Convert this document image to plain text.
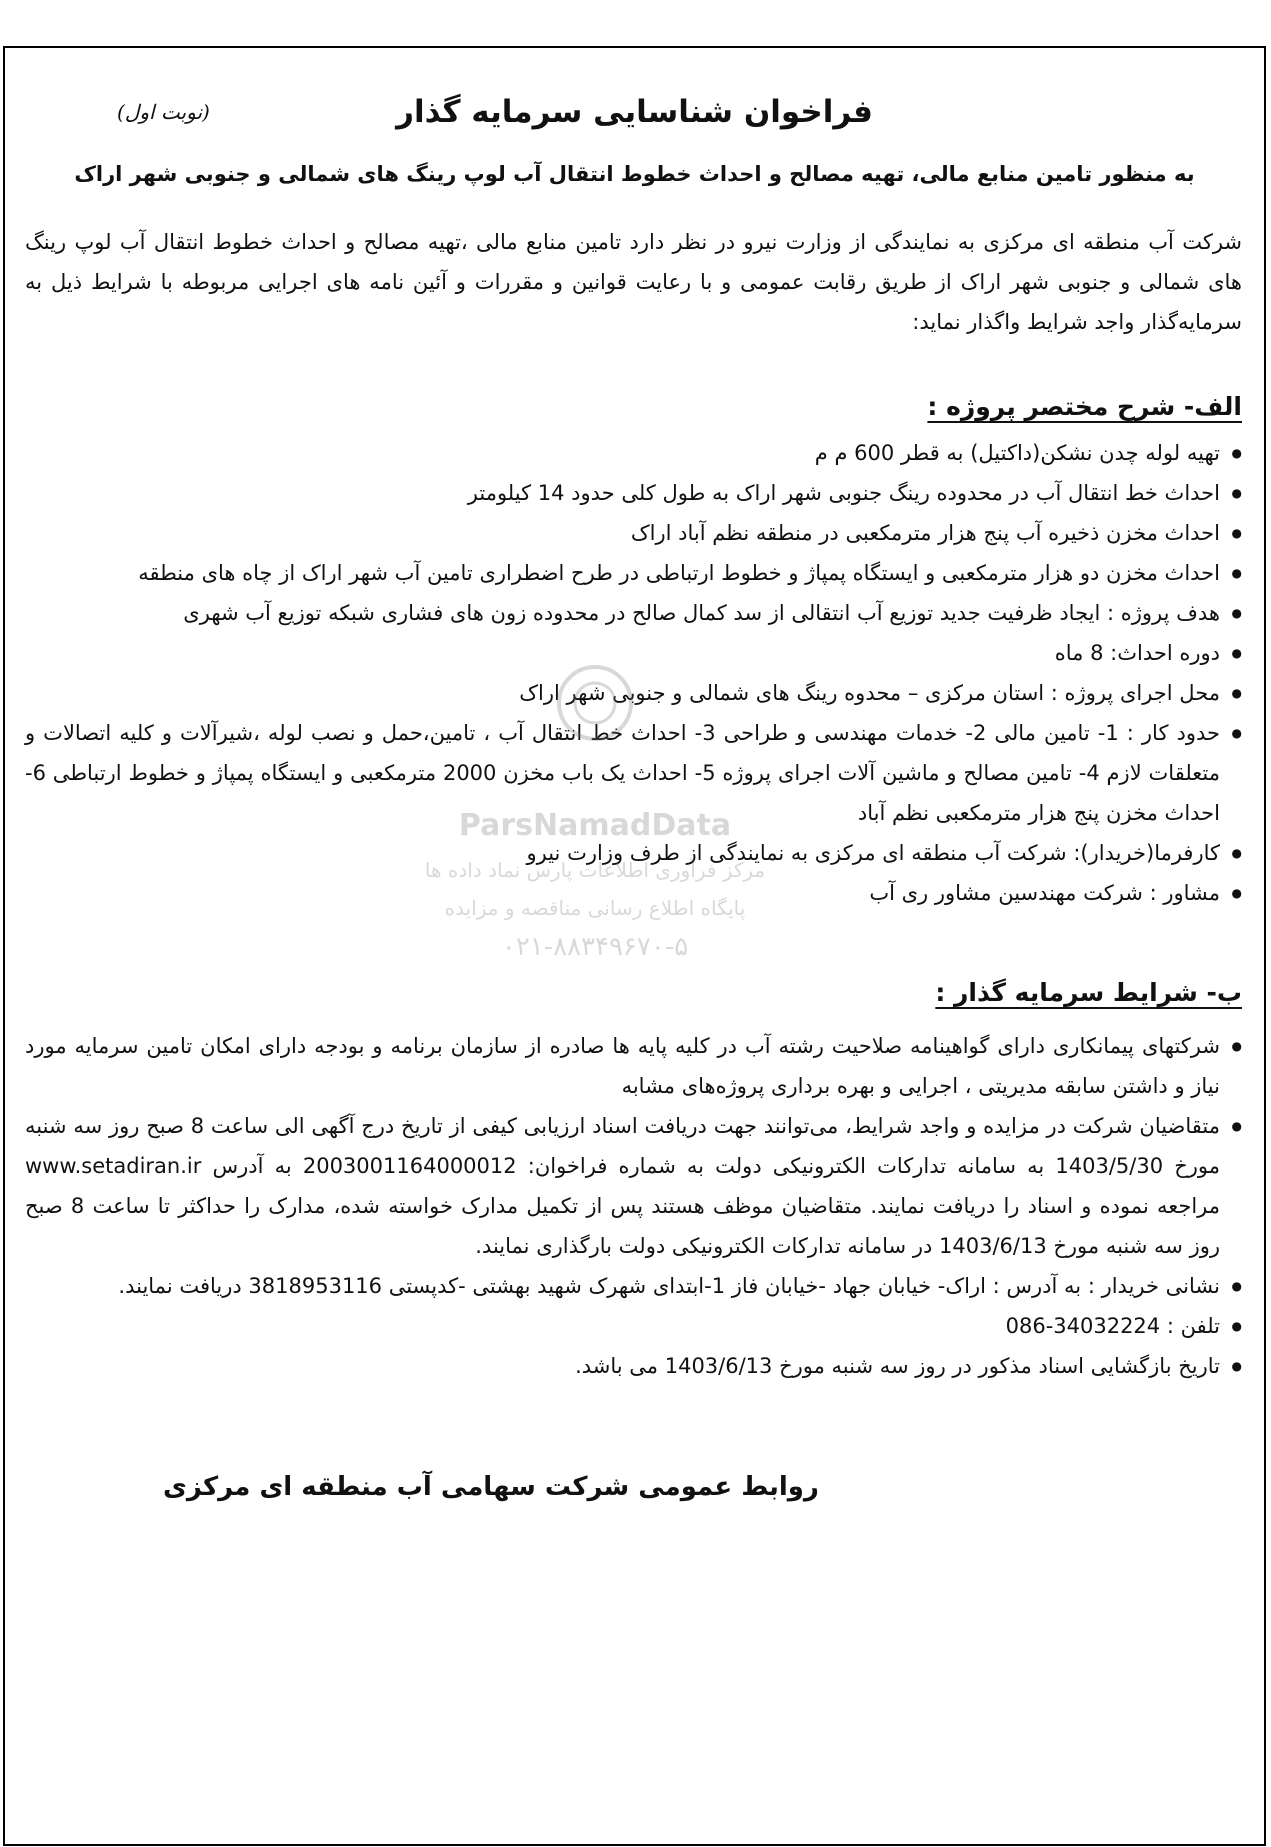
فراخوان شناسایی سرمایه گذار
(نوبت اول)
به منظور تامین منابع مالی، تهیه مصالح و احداث خطوط انتقال آب لوپ رینگ های شمالی و جنوبی شهر اراک
شرکت آب منطقه ای مرکزی به نمایندگی از وزارت نیرو در نظر دارد تامین منابع مالی ،تهیه مصالح و احداث خطوط انتقال آب لوپ رینگ های شمالی و جنوبی شهر اراک از طریق رقابت عمومی و با رعایت قوانین و مقررات و آئین نامه های اجرایی مربوطه با شرایط ذیل به سرمایه‌گذار واجد شرایط واگذار نماید:
الف- شرح مختصر پروژه :
● تهیه لوله چدن نشکن(داکتیل) به قطر 600 م م
● احداث خط انتقال آب در محدوده رینگ جنوبی شهر اراک به طول کلی حدود 14 کیلومتر
● احداث مخزن ذخیره آب پنج هزار مترمکعبی در منطقه نظم آباد اراک
● احداث مخزن دو هزار مترمکعبی و ایستگاه پمپاژ و خطوط ارتباطی در طرح اضطراری تامین آب شهر اراک از چاه های منطقه
● هدف پروژه : ایجاد ظرفیت جدید توزیع آب انتقالی از سد کمال صالح در محدوده زون های فشاری شبکه توزیع آب شهری
● دوره احداث: 8 ماه
● محل اجرای پروژه : استان مرکزی – محدوه رینگ های شمالی و جنوبی شهر اراک
● حدود کار : 1- تامین مالی 2- خدمات مهندسی و طراحی 3- احداث خط انتقال آب ، تامین،حمل و نصب لوله ،شیرآلات و کلیه اتصالات و متعلقات لازم 4- تامین مصالح و ماشین آلات اجرای پروژه 5- احداث یک باب مخزن 2000 مترمکعبی و ایستگاه پمپاژ و خطوط ارتباطی 6-احداث مخزن پنج هزار مترمکعبی نظم آباد
● کارفرما(خریدار): شرکت آب منطقه ای مرکزی به نمایندگی از طرف وزارت نیرو
● مشاور : شرکت مهندسین مشاور ری آب
ب- شرایط سرمایه گذار :
● شرکتهای پیمانکاری دارای گواهینامه صلاحیت رشته آب در کلیه پایه ها صادره از سازمان برنامه و بودجه دارای امکان تامین سرمایه مورد نیاز و داشتن سابقه مدیریتی ، اجرایی و بهره برداری پروژه‌های مشابه
● متقاضیان شرکت در مزایده و واجد شرایط، می‌توانند جهت دریافت اسناد ارزیابی کیفی از تاریخ درج آگهی الی ساعت 8 صبح روز سه شنبه مورخ 1403/5/30 به سامانه تدارکات الکترونیکی دولت به شماره فراخوان: 2003001164000012 به آدرس www.setadiran.ir مراجعه نموده و اسناد را دریافت نمایند. متقاضیان موظف هستند پس از تکمیل مدارک خواسته شده، مدارک را حداکثر تا ساعت 8 صبح روز سه شنبه مورخ 1403/6/13 در سامانه تدارکات الکترونیکی دولت بارگذاری نمایند.
● نشانی خریدار : به آدرس : اراک- خیابان جهاد -خیابان فاز 1-ابتدای شهرک شهید بهشتی -کدپستی 3818953116 دریافت نمایند.
● تلفن : 086-34032224
● تاریخ بازگشایی اسناد مذکور در روز سه شنبه مورخ 1403/6/13 می باشد.
روابط عمومی شرکت سهامی آب منطقه ای مرکزی
ParsNamadData
مرکز فرآوری اطلاعات پارس نماد داده ها
پایگاه اطلاع رسانی مناقصه و مزایده
۰۲۱-۸۸۳۴۹۶۷۰-۵
